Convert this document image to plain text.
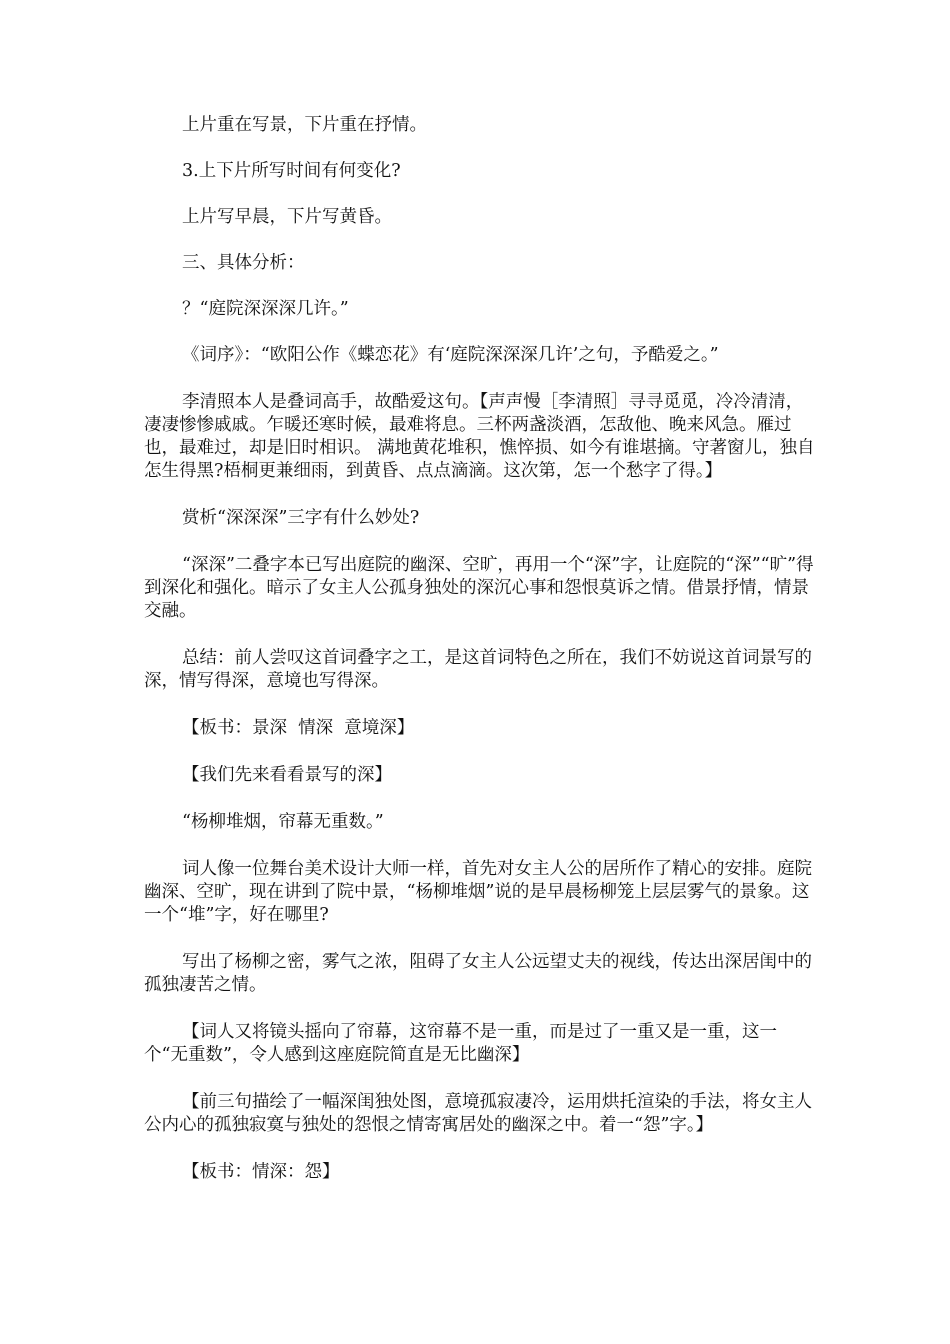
上片重在写景，下片重在抒情。

3.上下片所写时间有何变化?

上片写早晨，下片写黄昏。

三、具体分析：

？“庭院深深深几许。”

《词序》：“欧阳公作《蝶恋花》有‘庭院深深深几许’之句，予酷爱之。”

李清照本人是叠词高手，故酷爱这句。【声声慢［李清照］寻寻觅觅，冷冷清清，凄凄惨惨戚戚。乍暖还寒时候，最难将息。三杯两盏淡酒，怎敌他、晚来风急。雁过也，最难过，却是旧时相识。 满地黄花堆积，憔悴损、如今有谁堪摘。守著窗儿，独自怎生得黑?梧桐更兼细雨，到黄昏、点点滴滴。这次第，怎一个愁字了得。】

赏析“深深深”三字有什么妙处?

“深深”二叠字本已写出庭院的幽深、空旷，再用一个“深”字，让庭院的“深”“旷”得到深化和强化。暗示了女主人公孤身独处的深沉心事和怨恨莫诉之情。借景抒情，情景交融。

总结：前人尝叹这首词叠字之工，是这首词特色之所在，我们不妨说这首词景写的深，情写得深，意境也写得深。

【板书：景深  情深  意境深】

【我们先来看看景写的深】

“杨柳堆烟，帘幕无重数。”

词人像一位舞台美术设计大师一样，首先对女主人公的居所作了精心的安排。庭院幽深、空旷，现在讲到了院中景，“杨柳堆烟”说的是早晨杨柳笼上层层雾气的景象。这一个“堆”字，好在哪里?

写出了杨柳之密，雾气之浓，阻碍了女主人公远望丈夫的视线，传达出深居闺中的孤独凄苦之情。

【词人又将镜头摇向了帘幕，这帘幕不是一重，而是过了一重又是一重，这一个“无重数”，令人感到这座庭院简直是无比幽深】

【前三句描绘了一幅深闺独处图，意境孤寂凄冷，运用烘托渲染的手法，将女主人公内心的孤独寂寞与独处的怨恨之情寄寓居处的幽深之中。着一“怨”字。】

【板书：情深：怨】
